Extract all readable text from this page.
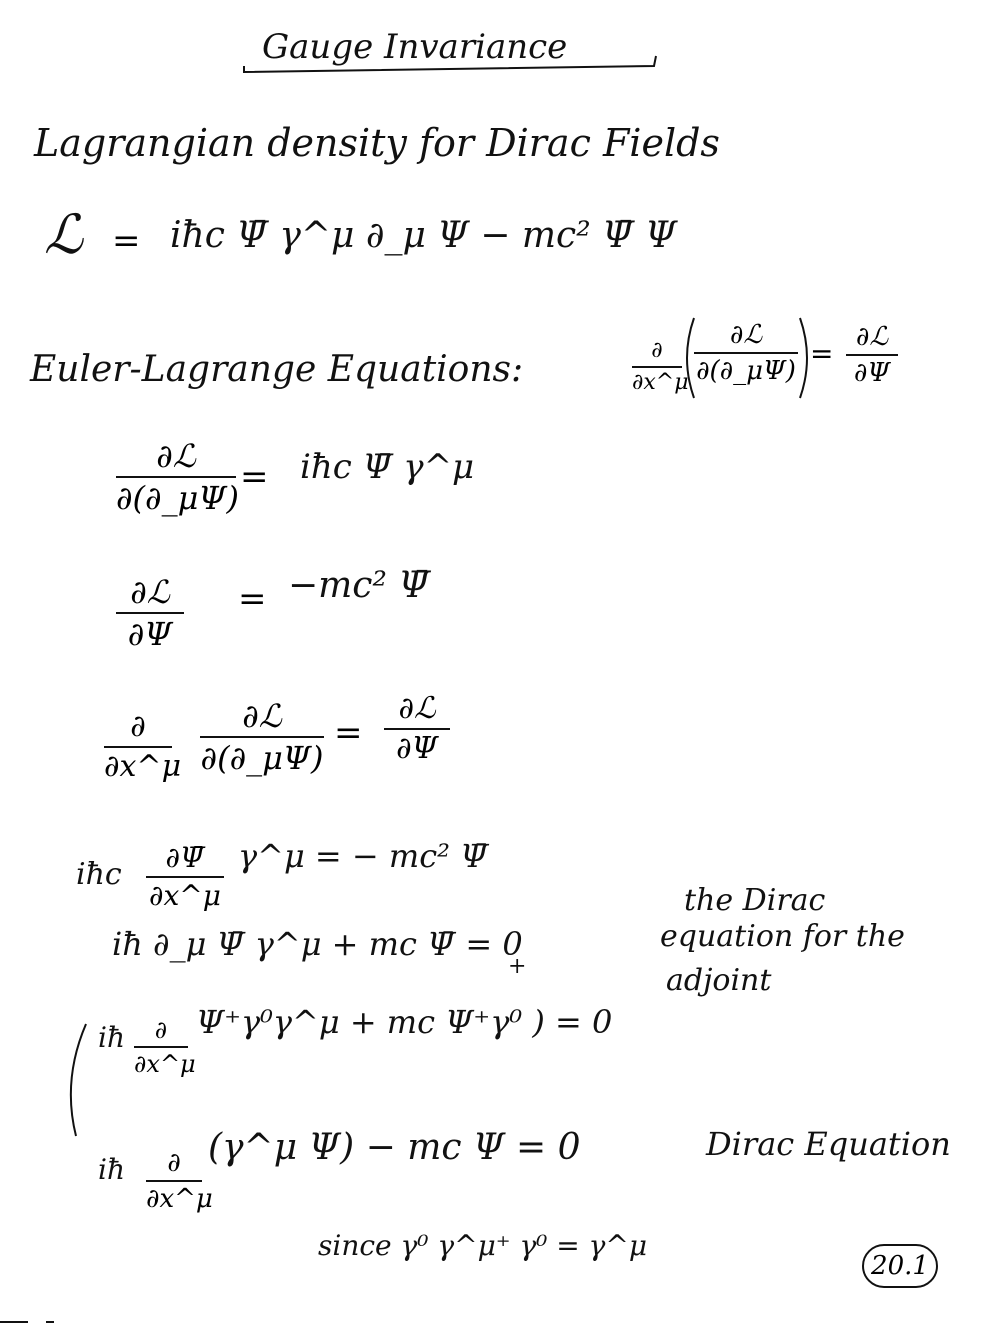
Gauge Invariance
Lagrangian density for Dirac Fields
ℒ = iħc Ψ̄ γ^μ ∂_μ Ψ − mc² Ψ̄ Ψ
Euler-Lagrange Equations:	∂
∂x^μ
∂ℒ
∂(∂_μΨ)
= ∂ℒ
∂Ψ
∂ℒ
∂(∂_μΨ)
= iħc Ψ̄ γ^μ
∂ℒ
∂Ψ
= −mc² Ψ̄
∂
∂x^μ
∂ℒ
∂(∂_μΨ)
=
∂ℒ
∂Ψ
iħc	∂Ψ̄
∂x^μ
γ^μ = − mc² Ψ̄
iħ ∂_μ Ψ̄ γ^μ + mc Ψ̄ = 0
+
iħ	∂
∂x^μ
Ψ⁺γ⁰γ^μ + mc Ψ⁺γ⁰ ) = 0
iħ	∂
∂x^μ
(γ^μ Ψ) − mc Ψ = 0
the Dirac
equation for the
adjoint
Dirac Equation
since γ⁰ γ^μ⁺ γ⁰ = γ^μ
20.1
